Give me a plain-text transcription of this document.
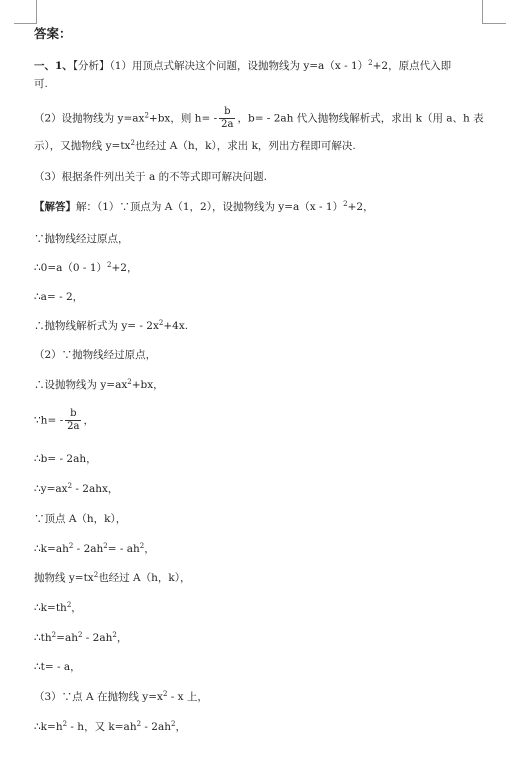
答案：
一、1、【分析】（1）用顶点式解决这个问题，设抛物线为 y=a（x - 1）$^2$+2，原点代入即
可.
（2）设抛物线为 $y=ax^2+bx$，则 $h= - \frac{b}{2a}$ ，b= - 2ah 代入抛物线解析式，求出 k（用 a、h 表
示），又抛物线 $y=tx^2$也经过 A（h，k），求出 k，列出方程即可解决.
（3）根据条件列出关于 a 的不等式即可解决问题.
【解答】解：（1）∵顶点为 A（1，2），设抛物线为 y=a（x - 1）$^2$+2，
∵抛物线经过原点，
∴0=a（0 - 1）$^2$+2，
∴a= - 2，
∴抛物线解析式为 $y= - 2x^2+4x$.
（2）∵抛物线经过原点，
∴设抛物线为 $y=ax^2+bx$，
∵h= - $\frac{b}{2a}$ ，
∴b= - 2ah，
$\therefore y=ax^2 - 2ahx$，
∵顶点 A（h，k），
$\therefore k=ah^2 - 2ah^2= - ah^2$，
抛物线 $y=tx^2$也经过 A（h，k），
$\therefore k=th^2$，
$\therefore th^2=ah^2 - 2ah^2$，
∴t= - a，
（3）∵点 A 在抛物线 $y=x^2 - x$ 上，
$\therefore k=h^2 - h$，又 $k=ah^2 - 2ah^2$，
